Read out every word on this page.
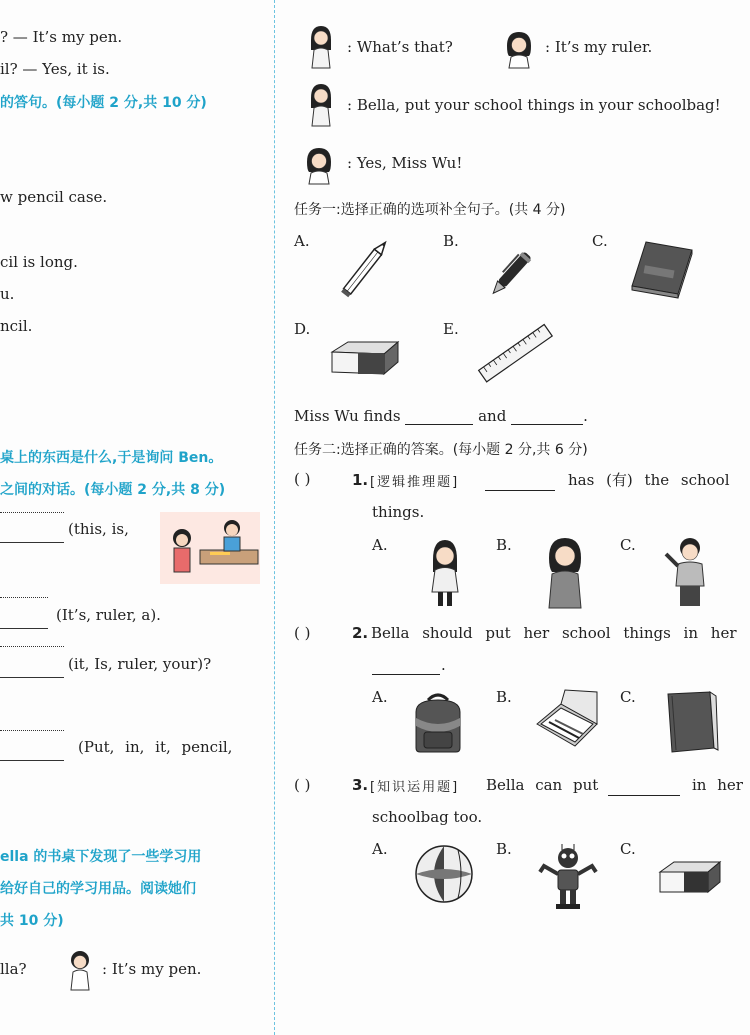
? — It’s my pen.
il? — Yes, it is.
的答句。(每小题 2 分,共 10 分)
w pencil case.
cil is long.
u.
ncil.
桌上的东西是什么,于是询问 Ben。
之间的对话。(每小题 2 分,共 8 分)
(this, is,
(It’s, ruler, a).
(it, Is, ruler, your)?
(Put, in, it, pencil,
ella 的书桌下发现了一些学习用
给好自己的学习用品。阅读她们
共 10 分)
lla?	: It’s my pen.
: What’s that?	: It’s my ruler.
: Bella, put your school things in your schoolbag!
: Yes, Miss Wu!
任务一:选择正确的选项补全句子。(共 4 分)
A.	B.	C.
D.	E.
Miss Wu finds	and	.
任务二:选择正确的答案。(每小题 2 分,共 6 分)
( )	1. [逻辑推理题]	has (有) the school
things.
A.	B.	C.
( )	2. Bella should put her school things in her
.
A.	B.	C.
( )	3. [知识运用题] Bella can put	in her
schoolbag too.
A.	B.	C.
